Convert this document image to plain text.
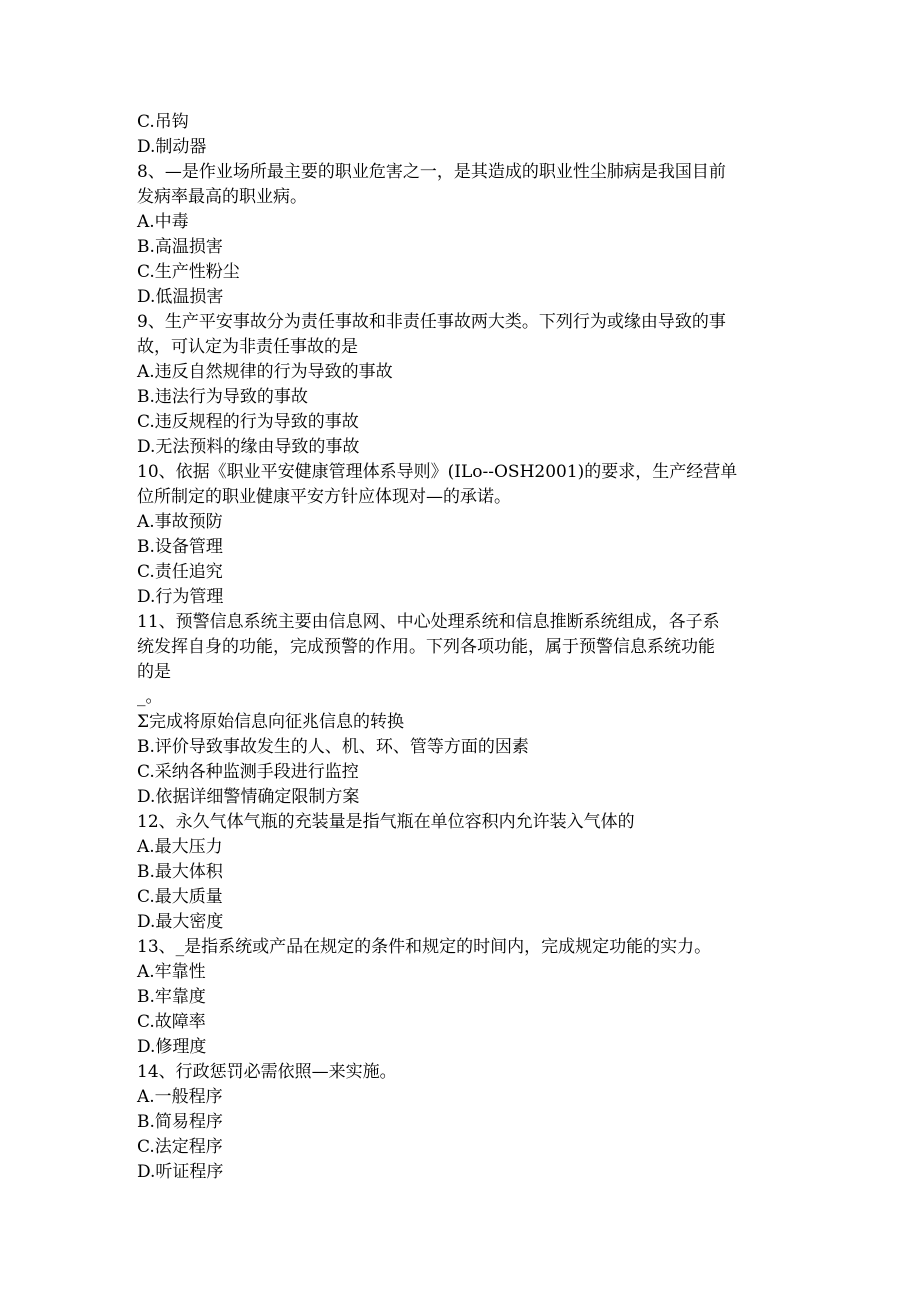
C.吊钩
D.制动器
8、—是作业场所最主要的职业危害之一，是其造成的职业性尘肺病是我国目前
发病率最高的职业病。
A.中毒
B.高温损害
C.生产性粉尘
D.低温损害
9、生产平安事故分为责任事故和非责任事故两大类。下列行为或缘由导致的事
故，可认定为非责任事故的是
A.违反自然规律的行为导致的事故
B.违法行为导致的事故
C.违反规程的行为导致的事故
D.无法预料的缘由导致的事故
10、依据《职业平安健康管理体系导则》(ILo--OSH2001)的要求，生产经营单
位所制定的职业健康平安方针应体现对—的承诺。
A.事故预防
B.设备管理
C.责任追究
D.行为管理
11、预警信息系统主要由信息网、中心处理系统和信息推断系统组成，各子系
统发挥自身的功能，完成预警的作用。下列各项功能，属于预警信息系统功能
的是
_。
Σ完成将原始信息向征兆信息的转换
B.评价导致事故发生的人、机、环、管等方面的因素
C.采纳各种监测手段进行监控
D.依据详细警情确定限制方案
12、永久气体气瓶的充装量是指气瓶在单位容积内允许装入气体的
A.最大压力
B.最大体积
C.最大质量
D.最大密度
13、_是指系统或产品在规定的条件和规定的时间内，完成规定功能的实力。
A.牢靠性
B.牢靠度
C.故障率
D.修理度
14、行政惩罚必需依照—来实施。
A.一般程序
B.简易程序
C.法定程序
D.听证程序
